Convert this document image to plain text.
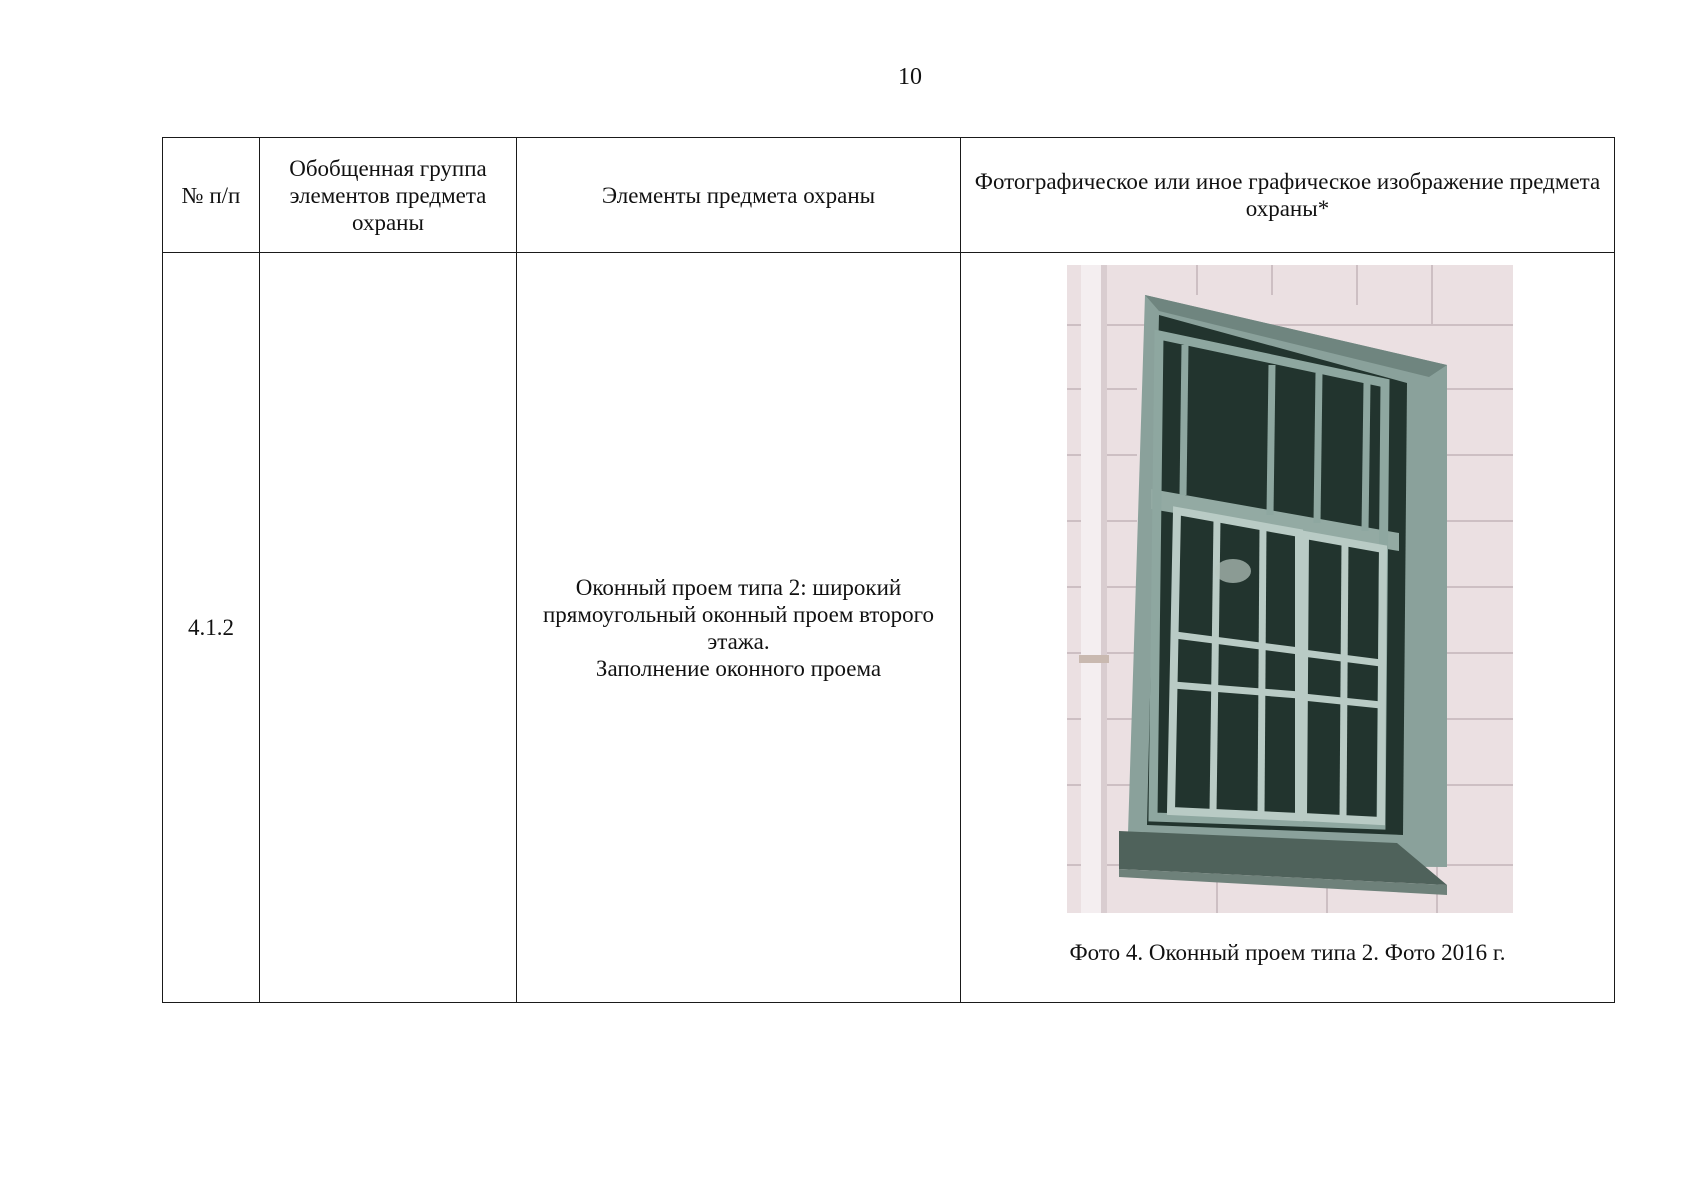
10
№ п/п	Обобщенная группа элементов предмета охраны	Элементы предмета охраны	Фотографическое или иное графическое изображение предмета охраны*
4.1.2		Оконный проем типа 2: широкий
прямоугольный оконный проем второго
этажа.
Заполнение оконного проема	Фото 4. Оконный проем типа 2. Фото 2016 г.
